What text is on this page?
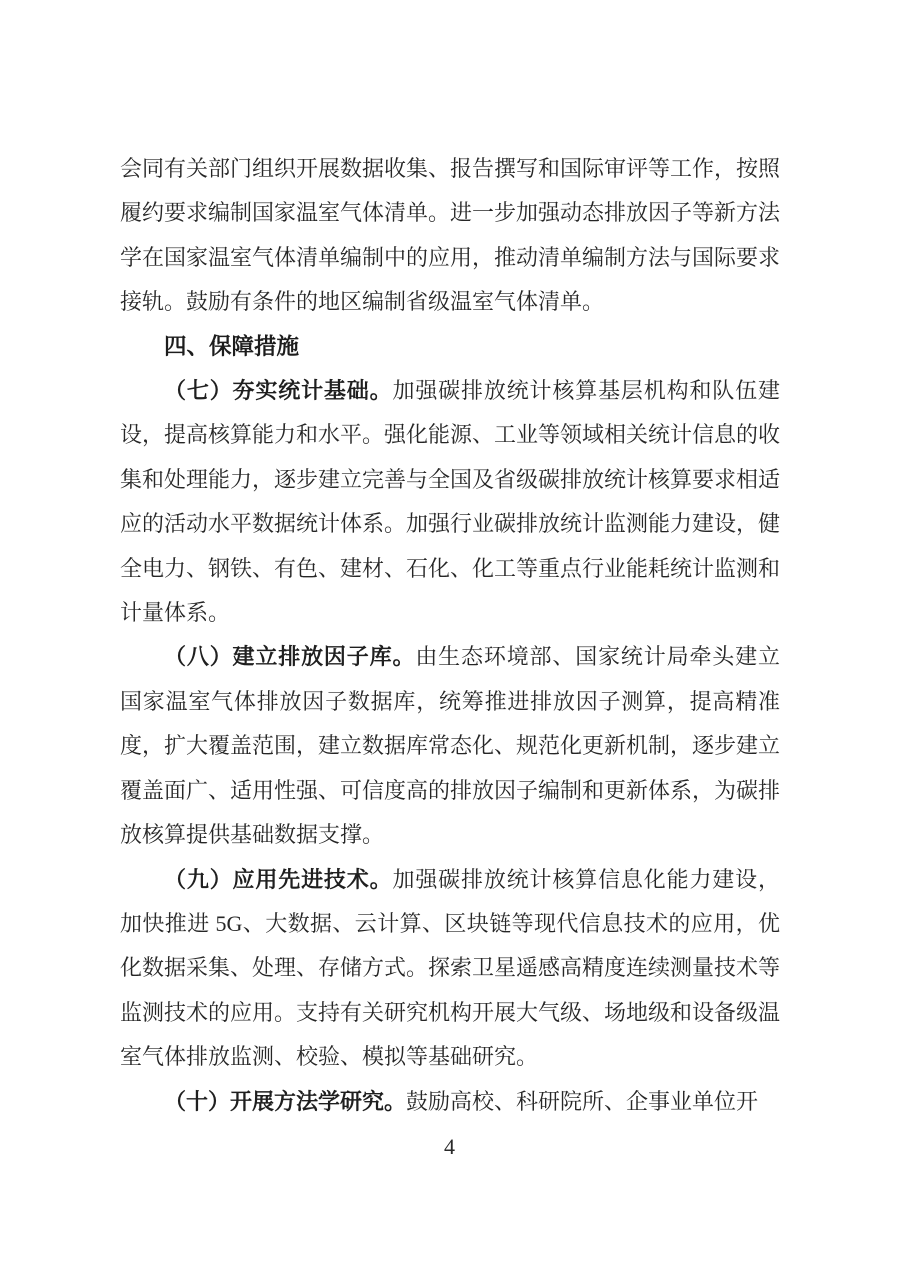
会同有关部门组织开展数据收集、报告撰写和国际审评等工作，按照履约要求编制国家温室气体清单。进一步加强动态排放因子等新方法学在国家温室气体清单编制中的应用，推动清单编制方法与国际要求接轨。鼓励有条件的地区编制省级温室气体清单。

四、保障措施

（七）夯实统计基础。加强碳排放统计核算基层机构和队伍建设，提高核算能力和水平。强化能源、工业等领域相关统计信息的收集和处理能力，逐步建立完善与全国及省级碳排放统计核算要求相适应的活动水平数据统计体系。加强行业碳排放统计监测能力建设，健全电力、钢铁、有色、建材、石化、化工等重点行业能耗统计监测和计量体系。

（八）建立排放因子库。由生态环境部、国家统计局牵头建立国家温室气体排放因子数据库，统筹推进排放因子测算，提高精准度，扩大覆盖范围，建立数据库常态化、规范化更新机制，逐步建立覆盖面广、适用性强、可信度高的排放因子编制和更新体系，为碳排放核算提供基础数据支撑。

（九）应用先进技术。加强碳排放统计核算信息化能力建设，加快推进 5G、大数据、云计算、区块链等现代信息技术的应用，优化数据采集、处理、存储方式。探索卫星遥感高精度连续测量技术等监测技术的应用。支持有关研究机构开展大气级、场地级和设备级温室气体排放监测、校验、模拟等基础研究。

（十）开展方法学研究。鼓励高校、科研院所、企事业单位开

4
